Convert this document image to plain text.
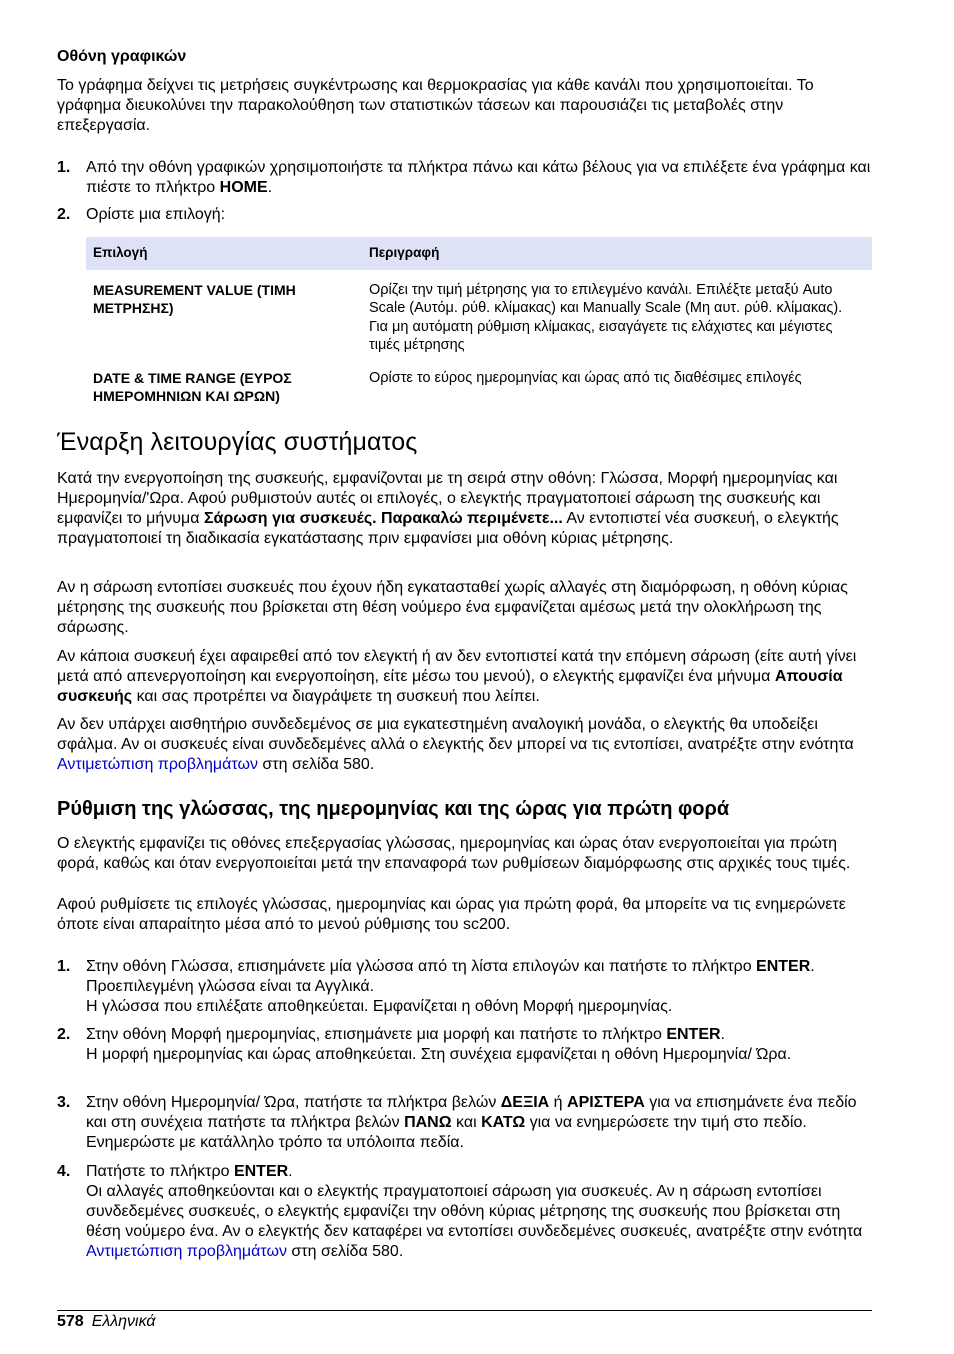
Οθόνη γραφικών

Το γράφημα δείχνει τις μετρήσεις συγκέντρωσης και θερμοκρασίας για κάθε κανάλι που χρησιμοποιείται. Το γράφημα διευκολύνει την παρακολούθηση των στατιστικών τάσεων και παρουσιάζει τις μεταβολές στην επεξεργασία.

1. Από την οθόνη γραφικών χρησιμοποιήστε τα πλήκτρα πάνω και κάτω βέλους για να επιλέξετε ένα γράφημα και πιέστε το πλήκτρο HOME.

2. Ορίστε μια επιλογή:

Επιλογή	Περιγραφή
MEASUREMENT VALUE (ΤΙΜΗ ΜΕΤΡΗΣΗΣ)	Ορίζει την τιμή μέτρησης για το επιλεγμένο κανάλι. Επιλέξτε μεταξύ Auto Scale (Αυτόμ. ρύθ. κλίμακας) και Manually Scale (Μη αυτ. ρύθ. κλίμακας). Για μη αυτόματη ρύθμιση κλίμακας, εισαγάγετε τις ελάχιστες και μέγιστες τιμές μέτρησης
DATE & TIME RANGE (ΕΥΡΟΣ ΗΜΕΡΟΜΗΝΙΩΝ ΚΑΙ ΩΡΩΝ)	Ορίστε το εύρος ημερομηνίας και ώρας από τις διαθέσιμες επιλογές
Έναρξη λειτουργίας συστήματος

Κατά την ενεργοποίηση της συσκευής, εμφανίζονται με τη σειρά στην οθόνη: Γλώσσα, Μορφή ημερομηνίας και Ημερομηνία/'Ωρα. Αφού ρυθμιστούν αυτές οι επιλογές, ο ελεγκτής πραγματοποιεί σάρωση της συσκευής και εμφανίζει το μήνυμα Σάρωση για συσκευές. Παρακαλώ περιμένετε... Αν εντοπιστεί νέα συσκευή, ο ελεγκτής πραγματοποιεί τη διαδικασία εγκατάστασης πριν εμφανίσει μια οθόνη κύριας μέτρησης.

Αν η σάρωση εντοπίσει συσκευές που έχουν ήδη εγκατασταθεί χωρίς αλλαγές στη διαμόρφωση, η οθόνη κύριας μέτρησης της συσκευής που βρίσκεται στη θέση νούμερο ένα εμφανίζεται αμέσως μετά την ολοκλήρωση της σάρωσης.

Αν κάποια συσκευή έχει αφαιρεθεί από τον ελεγκτή ή αν δεν εντοπιστεί κατά την επόμενη σάρωση (είτε αυτή γίνει μετά από απενεργοποίηση και ενεργοποίηση, είτε μέσω του μενού), ο ελεγκτής εμφανίζει ένα μήνυμα Απουσία συσκευής και σας προτρέπει να διαγράψετε τη συσκευή που λείπει.

Αν δεν υπάρχει αισθητήριο συνδεδεμένος σε μια εγκατεστημένη αναλογική μονάδα, ο ελεγκτής θα υποδείξει σφάλμα. Αν οι συσκευές είναι συνδεδεμένες αλλά ο ελεγκτής δεν μπορεί να τις εντοπίσει, ανατρέξτε στην ενότητα Αντιμετώπιση προβλημάτων στη σελίδα 580.

Ρύθμιση της γλώσσας, της ημερομηνίας και της ώρας για πρώτη φορά

Ο ελεγκτής εμφανίζει τις οθόνες επεξεργασίας γλώσσας, ημερομηνίας και ώρας όταν ενεργοποιείται για πρώτη φορά, καθώς και όταν ενεργοποιείται μετά την επαναφορά των ρυθμίσεων διαμόρφωσης στις αρχικές τους τιμές.

Αφού ρυθμίσετε τις επιλογές γλώσσας, ημερομηνίας και ώρας για πρώτη φορά, θα μπορείτε να τις ενημερώνετε όποτε είναι απαραίτητο μέσα από το μενού ρύθμισης του sc200.

1. Στην οθόνη Γλώσσα, επισημάνετε μία γλώσσα από τη λίστα επιλογών και πατήστε το πλήκτρο ENTER. Προεπιλεγμένη γλώσσα είναι τα Αγγλικά.
Η γλώσσα που επιλέξατε αποθηκεύεται. Εμφανίζεται η οθόνη Μορφή ημερομηνίας.

2. Στην οθόνη Μορφή ημερομηνίας, επισημάνετε μια μορφή και πατήστε το πλήκτρο ENTER.
Η μορφή ημερομηνίας και ώρας αποθηκεύεται. Στη συνέχεια εμφανίζεται η οθόνη Ημερομηνία/ Ώρα.

3. Στην οθόνη Ημερομηνία/ Ώρα, πατήστε τα πλήκτρα βελών ΔΕΞΙΑ ή ΑΡΙΣΤΕΡΑ για να επισημάνετε ένα πεδίο και στη συνέχεια πατήστε τα πλήκτρα βελών ΠΑΝΩ και ΚΑΤΩ για να ενημερώσετε την τιμή στο πεδίο. Ενημερώστε με κατάλληλο τρόπο τα υπόλοιπα πεδία.

4. Πατήστε το πλήκτρο ENTER.
Οι αλλαγές αποθηκεύονται και ο ελεγκτής πραγματοποιεί σάρωση για συσκευές. Αν η σάρωση εντοπίσει συνδεδεμένες συσκευές, ο ελεγκτής εμφανίζει την οθόνη κύριας μέτρησης της συσκευής που βρίσκεται στη θέση νούμερο ένα. Αν ο ελεγκτής δεν καταφέρει να εντοπίσει συνδεδεμένες συσκευές, ανατρέξτε στην ενότητα Αντιμετώπιση προβλημάτων στη σελίδα 580.

578 Ελληνικά
